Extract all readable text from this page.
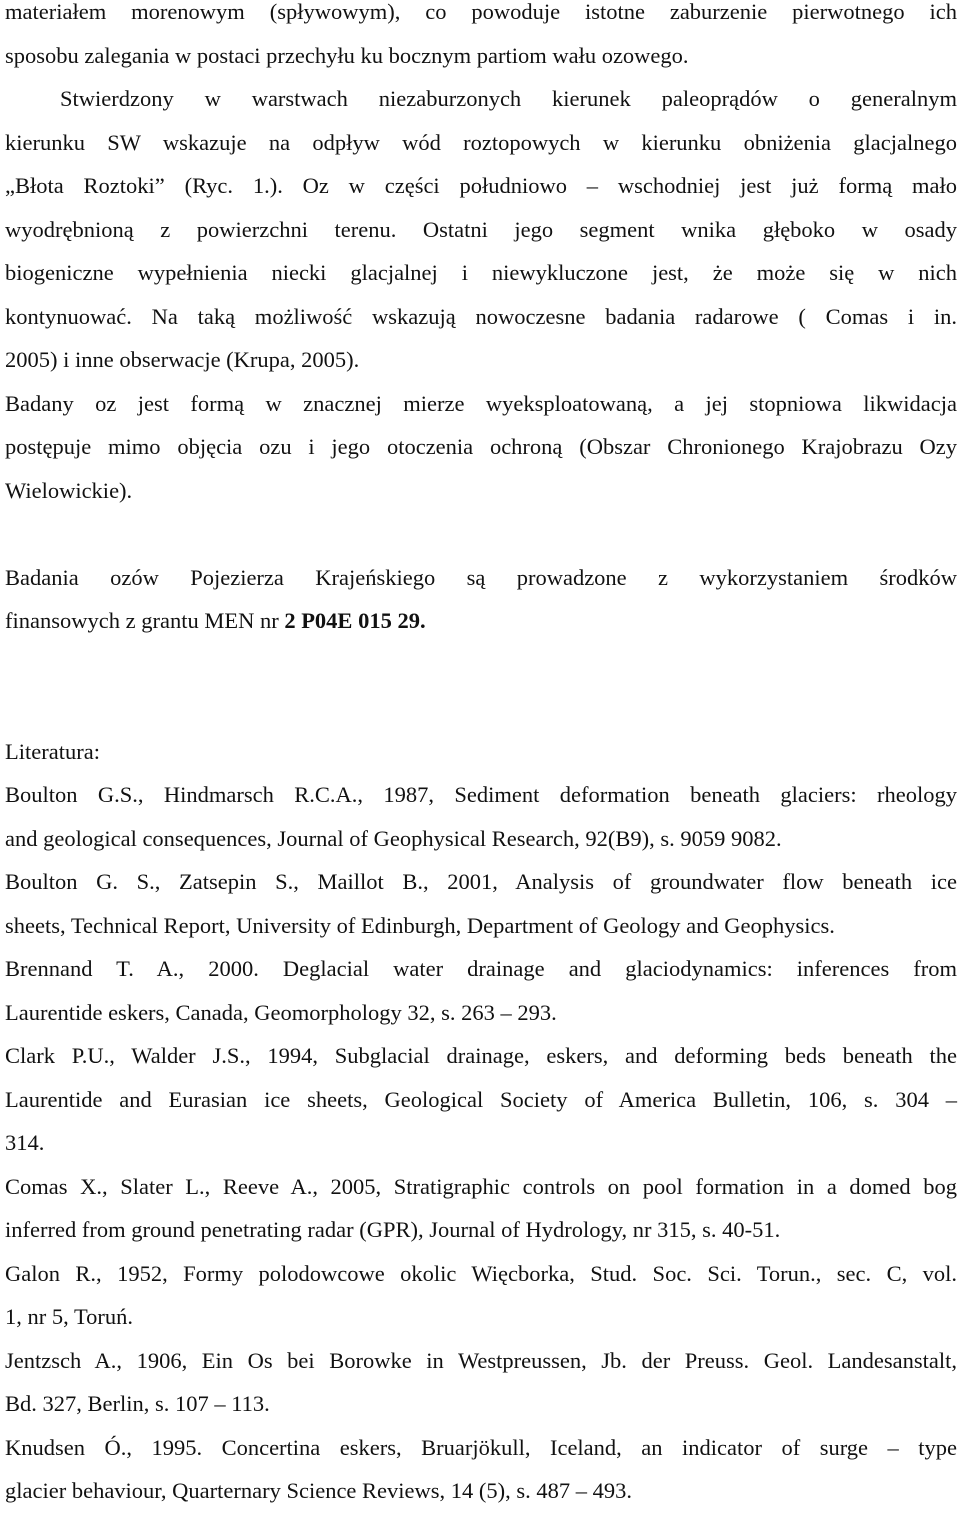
materiałem morenowym (spływowym), co powoduje istotne zaburzenie pierwotnego ich
sposobu zalegania w postaci przechyłu ku bocznym partiom wału ozowego.
Stwierdzony w warstwach niezaburzonych kierunek paleoprądów o generalnym
kierunku SW wskazuje na odpływ wód roztopowych w kierunku obniżenia glacjalnego
„Błota Roztoki” (Ryc. 1.). Oz w części południowo – wschodniej jest już formą mało
wyodrębnioną z powierzchni terenu. Ostatni jego segment wnika głęboko w osady
biogeniczne wypełnienia niecki glacjalnej i niewykluczone jest, że może się w nich
kontynuować. Na taką możliwość wskazują nowoczesne badania radarowe ( Comas i in.
2005) i inne obserwacje (Krupa, 2005).
Badany oz jest formą w znacznej mierze wyeksploatowaną, a jej stopniowa likwidacja
postępuje mimo objęcia ozu i jego otoczenia ochroną (Obszar Chronionego Krajobrazu Ozy
Wielowickie).
Badania ozów Pojezierza Krajeńskiego są prowadzone z wykorzystaniem środków
finansowych z grantu MEN nr 2 P04E 015 29.
Literatura:
Boulton G.S., Hindmarsch R.C.A., 1987, Sediment deformation beneath glaciers: rheology
and geological consequences, Journal of Geophysical Research, 92(B9), s. 9059 9082.
Boulton G. S., Zatsepin S., Maillot B., 2001, Analysis of groundwater flow beneath ice
sheets, Technical Report, University of Edinburgh, Department of Geology and Geophysics.
Brennand T. A., 2000. Deglacial water drainage and glaciodynamics: inferences from
Laurentide eskers, Canada, Geomorphology 32, s. 263 – 293.
Clark P.U., Walder J.S., 1994, Subglacial drainage, eskers, and deforming beds beneath the
Laurentide and Eurasian ice sheets, Geological Society of America Bulletin, 106, s. 304 –
314.
Comas X., Slater L., Reeve A., 2005, Stratigraphic controls on pool formation in a domed bog
inferred from ground penetrating radar (GPR), Journal of Hydrology, nr 315, s. 40-51.
Galon R., 1952, Formy polodowcowe okolic Więcborka, Stud. Soc. Sci. Torun., sec. C, vol.
1, nr 5, Toruń.
Jentzsch A., 1906, Ein Os bei Borowke in Westpreussen, Jb. der Preuss. Geol. Landesanstalt,
Bd. 327, Berlin, s. 107 – 113.
Knudsen Ó., 1995. Concertina eskers, Bruarjökull, Iceland, an indicator of surge – type
glacier behaviour, Quarternary Science Reviews, 14 (5), s. 487 – 493.
